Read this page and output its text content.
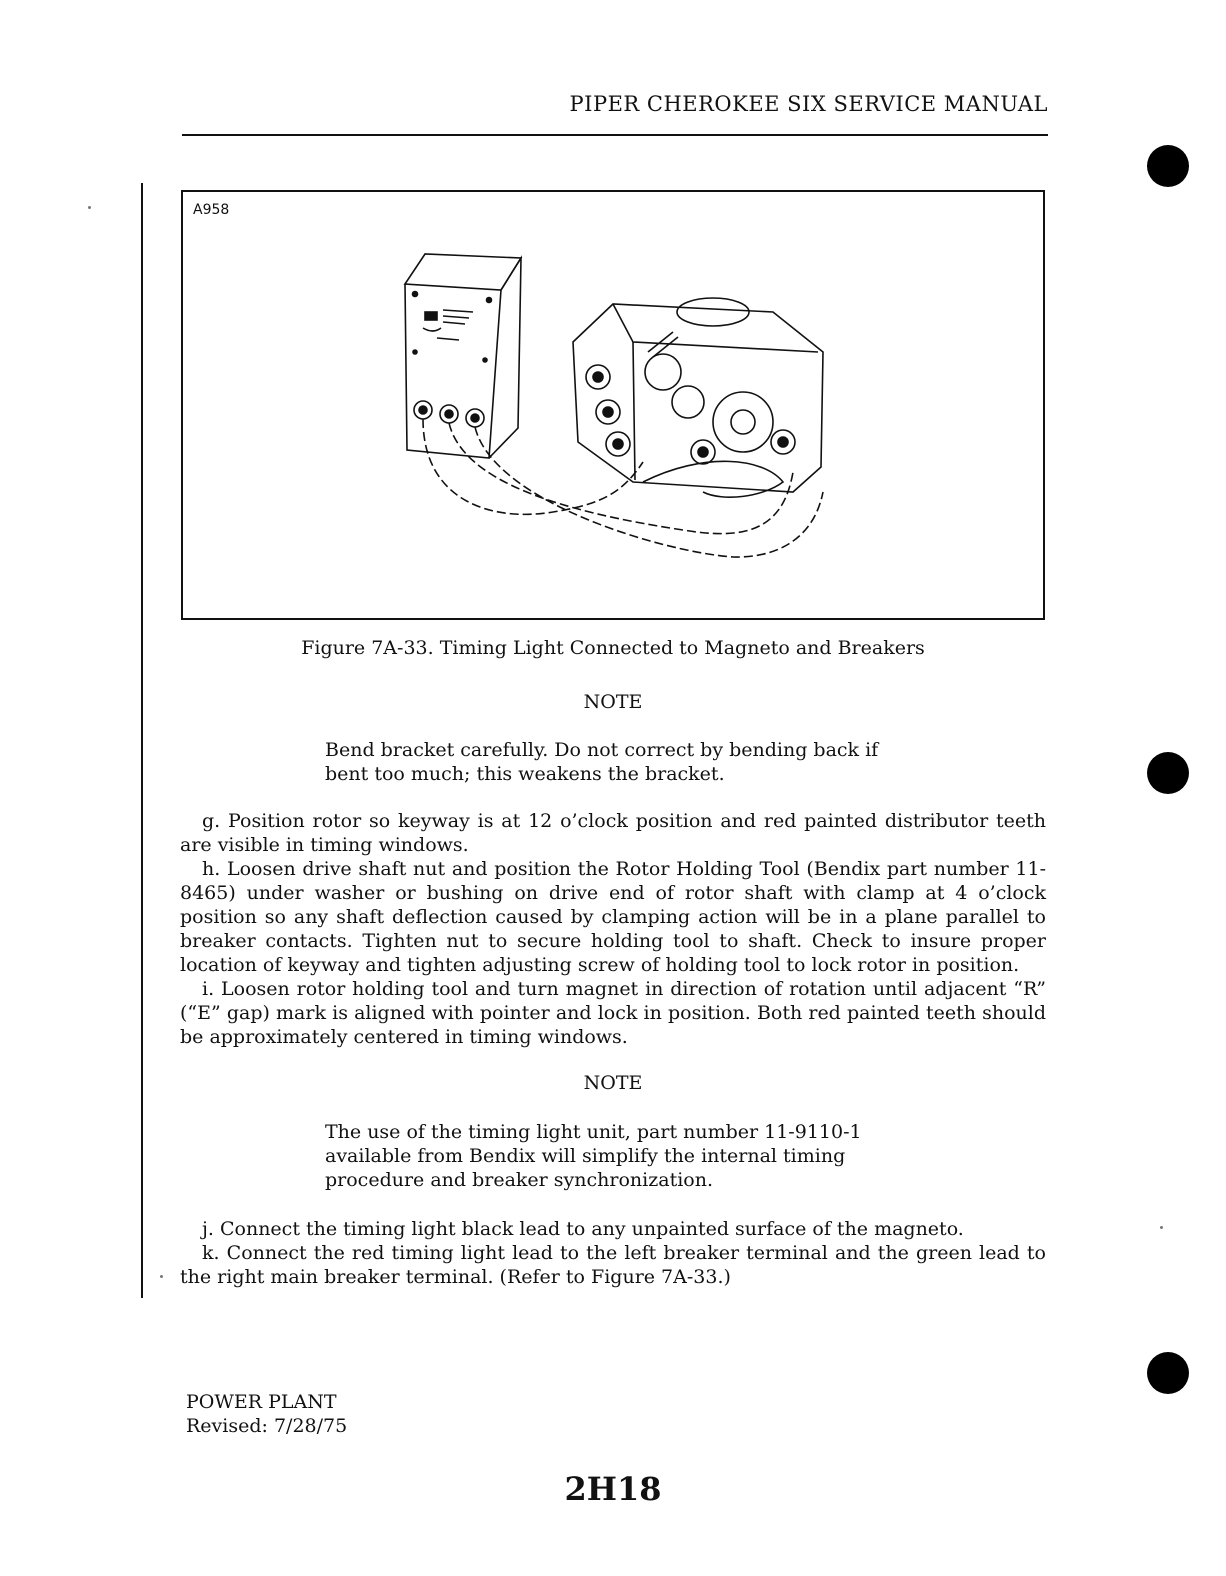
PIPER CHEROKEE SIX SERVICE MANUAL
A958
Figure 7A-33. Timing Light Connected to Magneto and Breakers
NOTE
Bend bracket carefully. Do not correct by bending back if bent too much; this weakens the bracket.
g. Position rotor so keyway is at 12 o’clock position and red painted distributor teeth are visible in timing windows.
h. Loosen drive shaft nut and position the Rotor Holding Tool (Bendix part number 11-8465) under washer or bushing on drive end of rotor shaft with clamp at 4 o’clock position so any shaft deflection caused by clamping action will be in a plane parallel to breaker contacts. Tighten nut to secure holding tool to shaft. Check to insure proper location of keyway and tighten adjusting screw of holding tool to lock rotor in position.
i. Loosen rotor holding tool and turn magnet in direction of rotation until adjacent “R” (“E” gap) mark is aligned with pointer and lock in position. Both red painted teeth should be approximately centered in timing windows.
NOTE
The use of the timing light unit, part number 11-9110-1 available from Bendix will simplify the internal timing procedure and breaker synchronization.
j. Connect the timing light black lead to any unpainted surface of the magneto.
k. Connect the red timing light lead to the left breaker terminal and the green lead to the right main breaker terminal. (Refer to Figure 7A-33.)
POWER PLANT
Revised: 7/28/75
2H18
